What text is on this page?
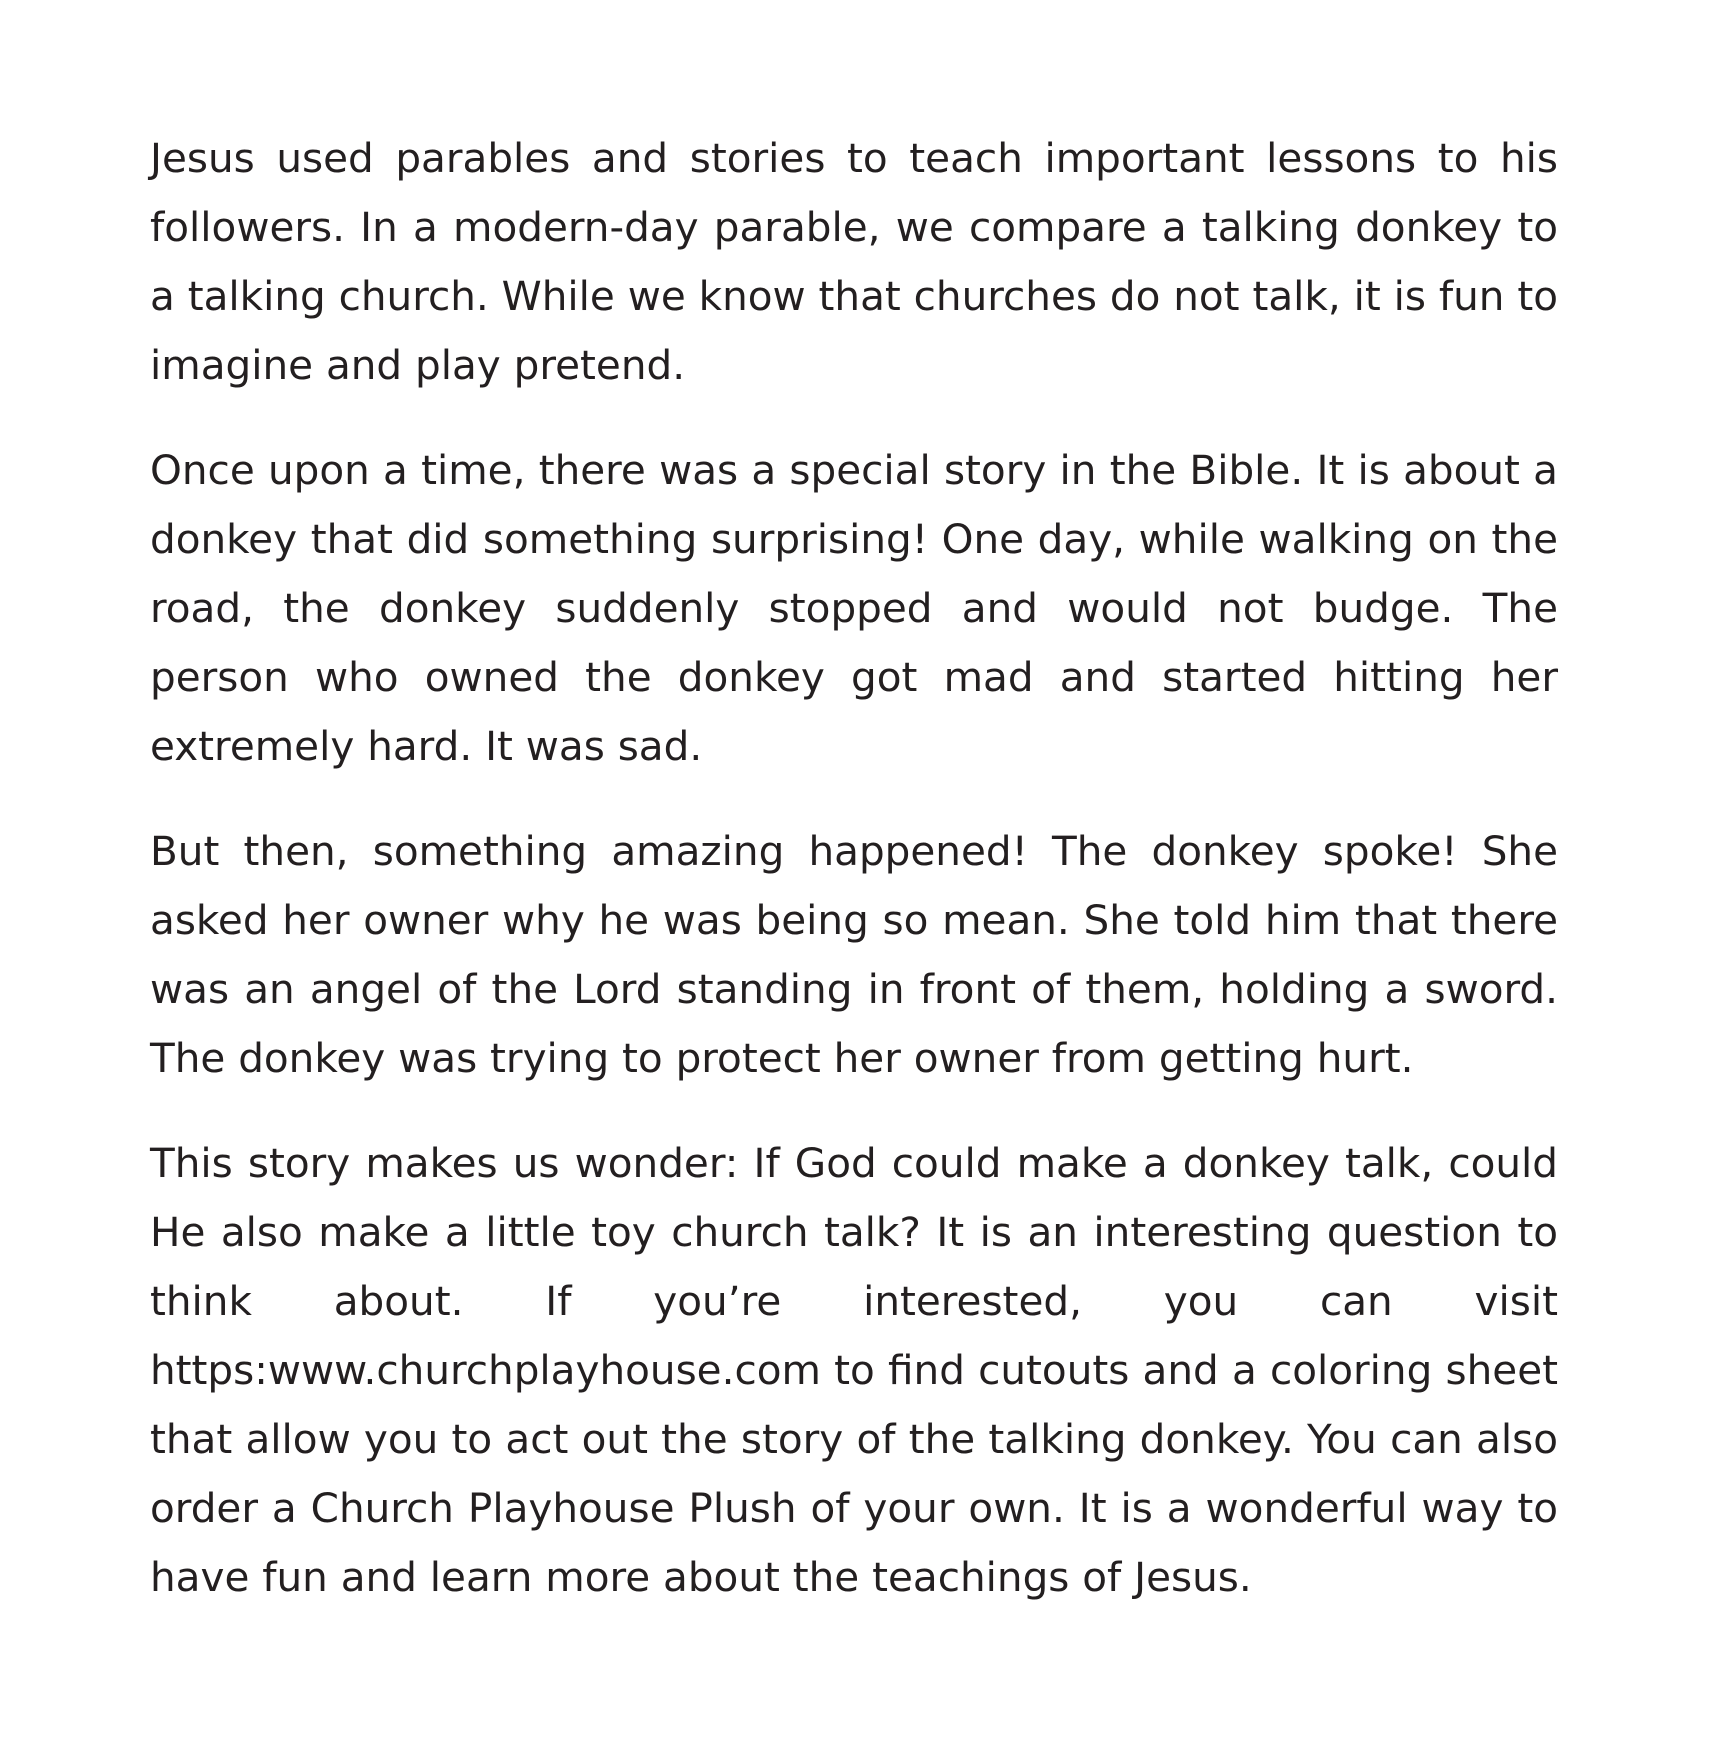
Jesus used parables and stories to teach important lessons to his followers. In a modern-day parable, we compare a talking donkey to a talking church. While we know that churches do not talk, it is fun to imagine and play pretend.

Once upon a time, there was a special story in the Bible. It is about a donkey that did something surprising! One day, while walking on the road, the donkey suddenly stopped and would not budge. The person who owned the donkey got mad and started hitting her extremely hard. It was sad.

But then, something amazing happened! The donkey spoke! She asked her owner why he was being so mean. She told him that there was an angel of the Lord standing in front of them, holding a sword. The donkey was trying to protect her owner from getting hurt.

This story makes us wonder: If God could make a donkey talk, could He also make a little toy church talk? It is an interesting question to think about. If you’re interested, you can visit https:www.churchplayhouse.com to find cutouts and a coloring sheet that allow you to act out the story of the talking donkey. You can also order a Church Playhouse Plush of your own. It is a wonderful way to have fun and learn more about the teachings of Jesus.
